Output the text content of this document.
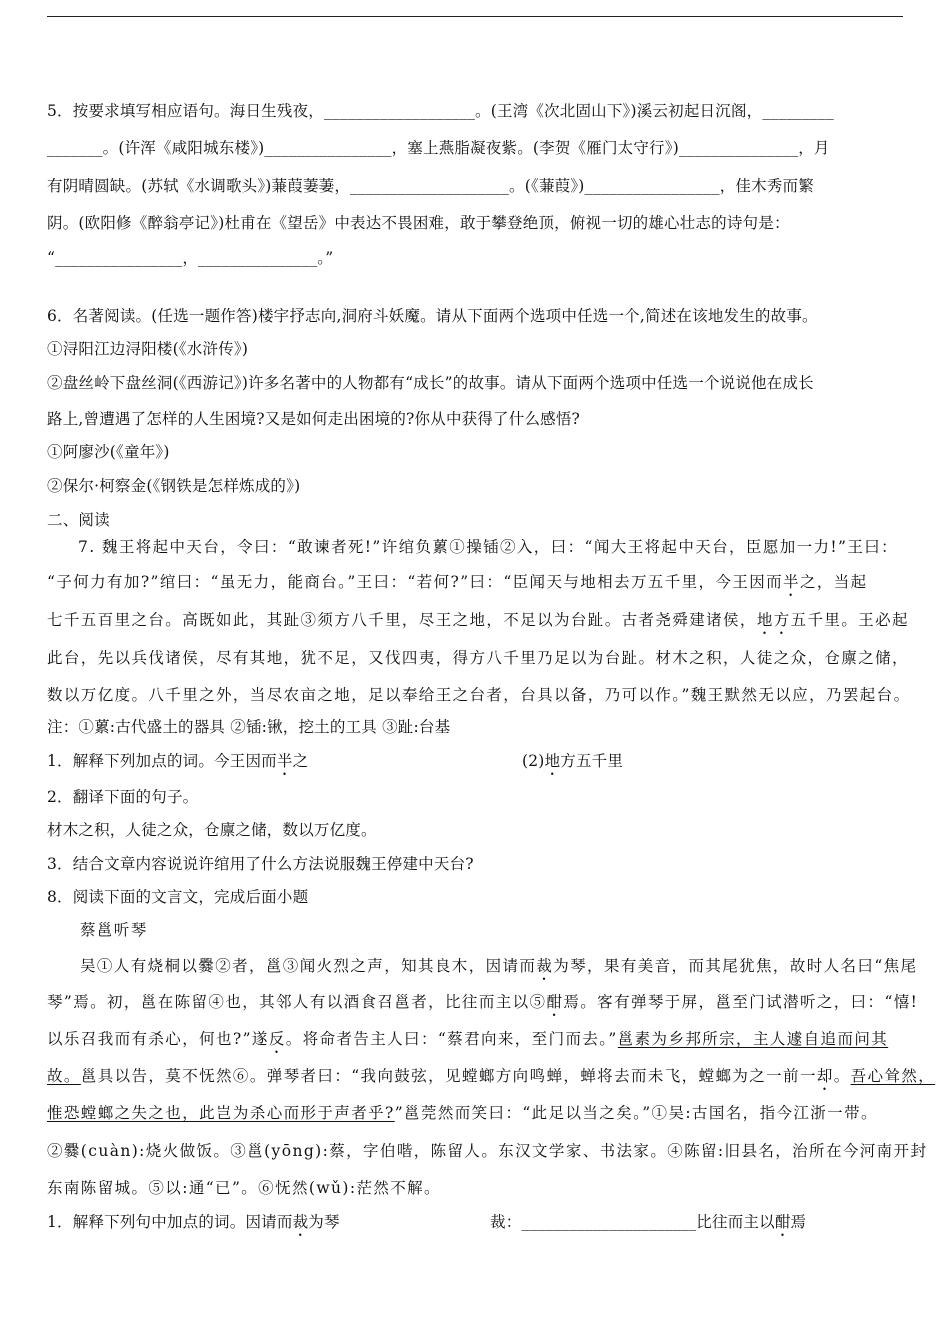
5．按要求填写相应语句。海日生残夜，___________________。(王湾《次北固山下》)溪云初起日沉阁，_________
_______。(许浑《咸阳城东楼》)________________，塞上燕脂凝夜紫。(李贺《雁门太守行》)_______________，月
有阴晴圆缺。(苏轼《水调歌头》)蒹葭萋萋，____________________。(《蒹葭》)_________________，佳木秀而繁
阴。(欧阳修《醉翁亭记》)杜甫在《望岳》中表达不畏困难，敢于攀登绝顶，俯视一切的雄心壮志的诗句是：
“________________，_______________。”
6．名著阅读。(任选一题作答)楼宇抒志向,洞府斗妖魔。请从下面两个选项中任选一个,简述在该地发生的故事。
①浔阳江边浔阳楼(《水浒传》)
②盘丝岭下盘丝洞(《西游记》)许多名著中的人物都有“成长”的故事。请从下面两个选项中任选一个说说他在成长
路上,曾遭遇了怎样的人生困境?又是如何走出困境的?你从中获得了什么感悟?
①阿廖沙(《童年》)
②保尔·柯察金(《钢铁是怎样炼成的》)
二、阅读
7. 魏王将起中天台，令曰：“敢谏者死!”许绾负蔂①操锸②入，曰：“闻大王将起中天台，臣愿加一力!”王曰：
“子何力有加?”绾曰：“虽无力，能商台。”王曰：“若何?”曰：“臣闻天与地相去万五千里，今王因而半之，当起
七千五百里之台。高既如此，其趾③须方八千里，尽王之地，不足以为台趾。古者尧舜建诸侯，地方五千里。王必起
此台，先以兵伐诸侯，尽有其地，犹不足，又伐四夷，得方八千里乃足以为台趾。材木之积，人徒之众，仓廪之储，
数以万亿度。八千里之外，当尽农亩之地，足以奉给王之台者，台具以备，乃可以作。”魏王默然无以应，乃罢起台。
注：①蔂:古代盛土的器具 ②锸:锹，挖土的工具 ③趾:台基
1．解释下列加点的词。今王因而半之	(2)地方五千里
2．翻译下面的句子。
材木之积，人徒之众，仓廪之储，数以万亿度。
3．结合文章内容说说许绾用了什么方法说服魏王停建中天台?
8．阅读下面的文言文，完成后面小题
蔡邕听琴
吴①人有烧桐以爨②者，邕③闻火烈之声，知其良木，因请而裁为琴，果有美音，而其尾犹焦，故时人名曰“焦尾
琴”焉。初，邕在陈留④也，其邻人有以酒食召邕者，比往而主以⑤酣焉。客有弹琴于屏，邕至门试潜听之，曰：“憘!
以乐召我而有杀心，何也?”遂反。将命者告主人曰：“蔡君向来，至门而去。”邕素为乡邦所宗，主人遽自追而问其
故。邕具以告，莫不怃然⑥。弹琴者曰：“我向鼓弦，见螳螂方向鸣蝉，蝉将去而未飞，螳螂为之一前一却。吾心耸然，
惟恐螳螂之失之也，此岂为杀心而形于声者乎?”邕莞然而笑曰：“此足以当之矣。”①吴:古国名，指今江浙一带。
②爨(cuàn):烧火做饭。③邕(yōng):蔡，字伯喈，陈留人。东汉文学家、书法家。④陈留:旧县名，治所在今河南开封
东南陈留城。⑤以:通“已”。⑥怃然(wǔ):茫然不解。
1．解释下列句中加点的词。因请而裁为琴	裁：______________________比往而主以酣焉
